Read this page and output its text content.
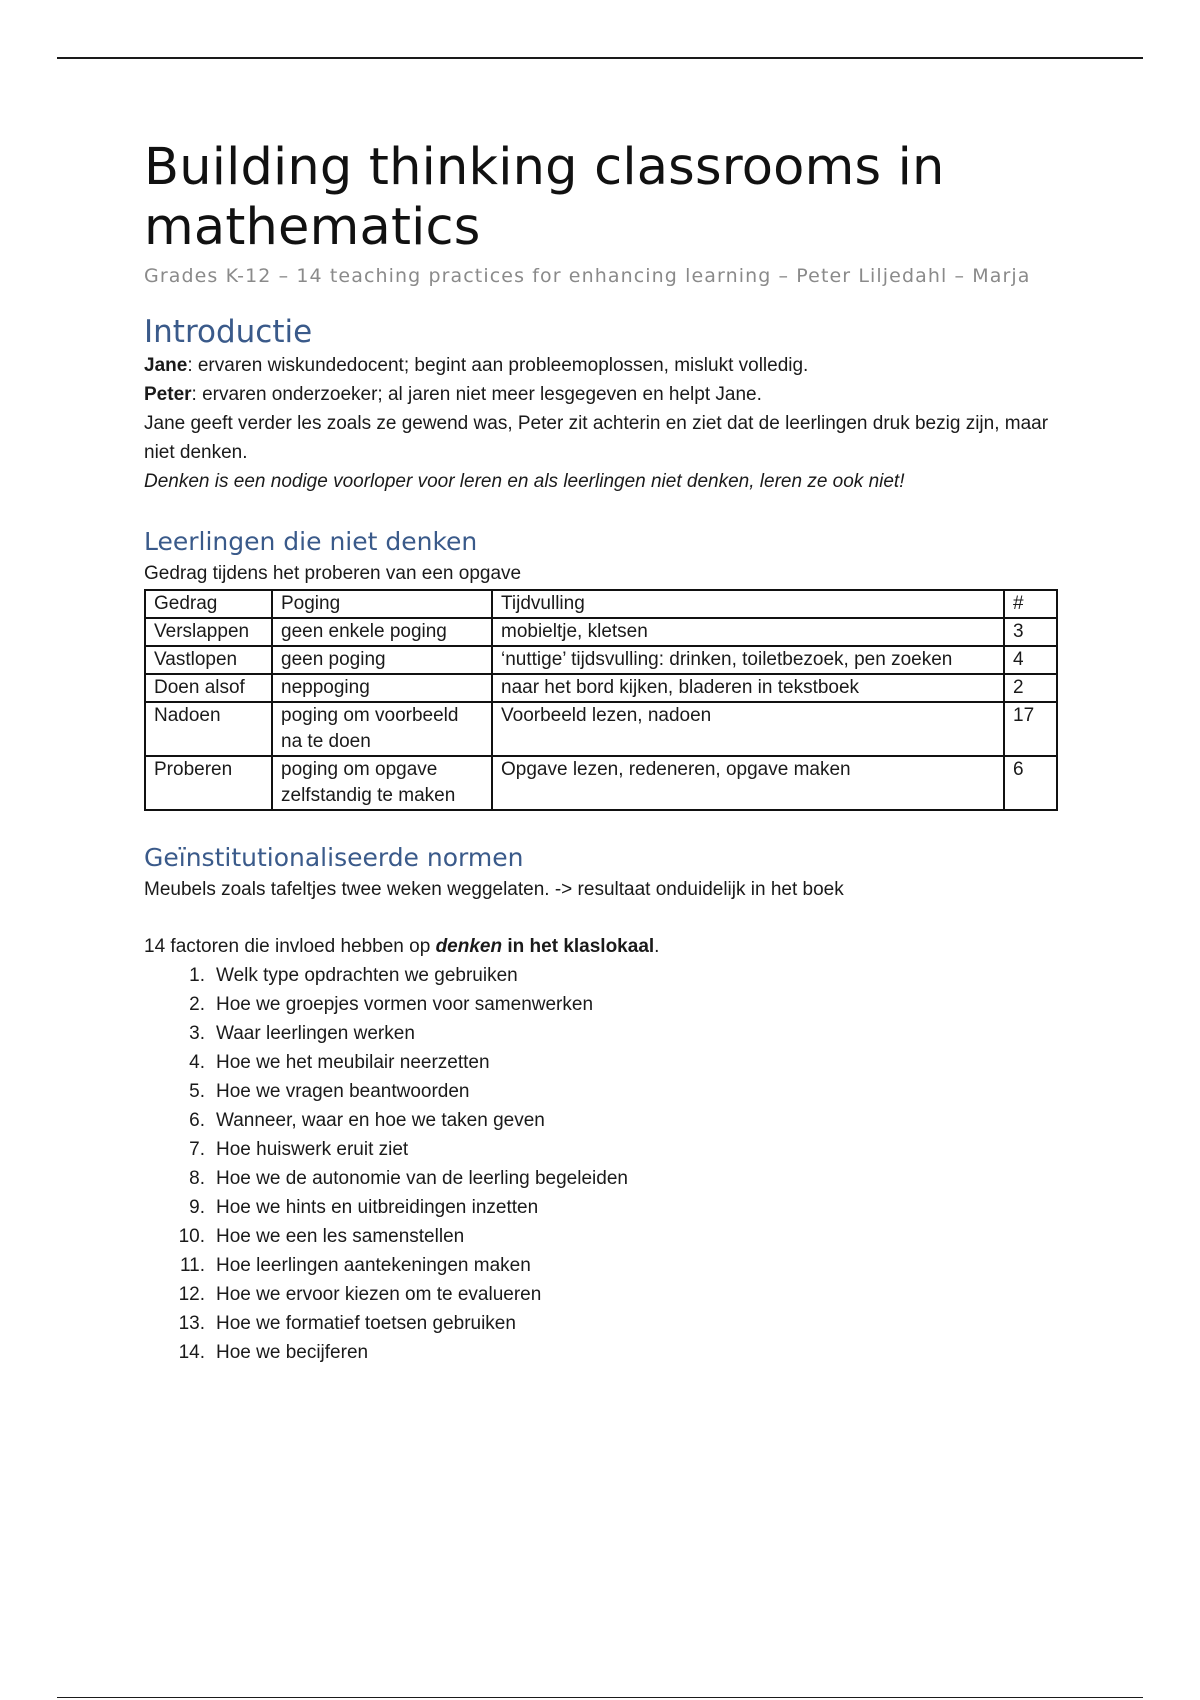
Building thinking classrooms in mathematics
Grades K-12 – 14 teaching practices for enhancing learning – Peter Liljedahl – Marja
Introductie

Jane: ervaren wiskundedocent; begint aan probleemoplossen, mislukt volledig.

Peter: ervaren onderzoeker; al jaren niet meer lesgegeven en helpt Jane.

Jane geeft verder les zoals ze gewend was, Peter zit achterin en ziet dat de leerlingen druk bezig zijn, maar niet denken.

Denken is een nodige voorloper voor leren en als leerlingen niet denken, leren ze ook niet!

Leerlingen die niet denken

Gedrag tijdens het proberen van een opgave

Gedrag	Poging	Tijdvulling	#
Verslappen	geen enkele poging	mobieltje, kletsen	3
Vastlopen	geen poging	‘nuttige’ tijdsvulling: drinken, toiletbezoek, pen zoeken	4
Doen alsof	neppoging	naar het bord kijken, bladeren in tekstboek	2
Nadoen	poging om voorbeeld na te doen	Voorbeeld lezen, nadoen	17
Proberen	poging om opgave zelfstandig te maken	Opgave lezen, redeneren, opgave maken	6
Geïnstitutionaliseerde normen

Meubels zoals tafeltjes twee weken weggelaten. -> resultaat onduidelijk in het boek

14 factoren die invloed hebben op denken in het klaslokaal.

1. Welk type opdrachten we gebruiken
2. Hoe we groepjes vormen voor samenwerken
3. Waar leerlingen werken
4. Hoe we het meubilair neerzetten
5. Hoe we vragen beantwoorden
6. Wanneer, waar en hoe we taken geven
7. Hoe huiswerk eruit ziet
8. Hoe we de autonomie van de leerling begeleiden
9. Hoe we hints en uitbreidingen inzetten
10. Hoe we een les samenstellen
11. Hoe leerlingen aantekeningen maken
12. Hoe we ervoor kiezen om te evalueren
13. Hoe we formatief toetsen gebruiken
14. Hoe we becijferen
